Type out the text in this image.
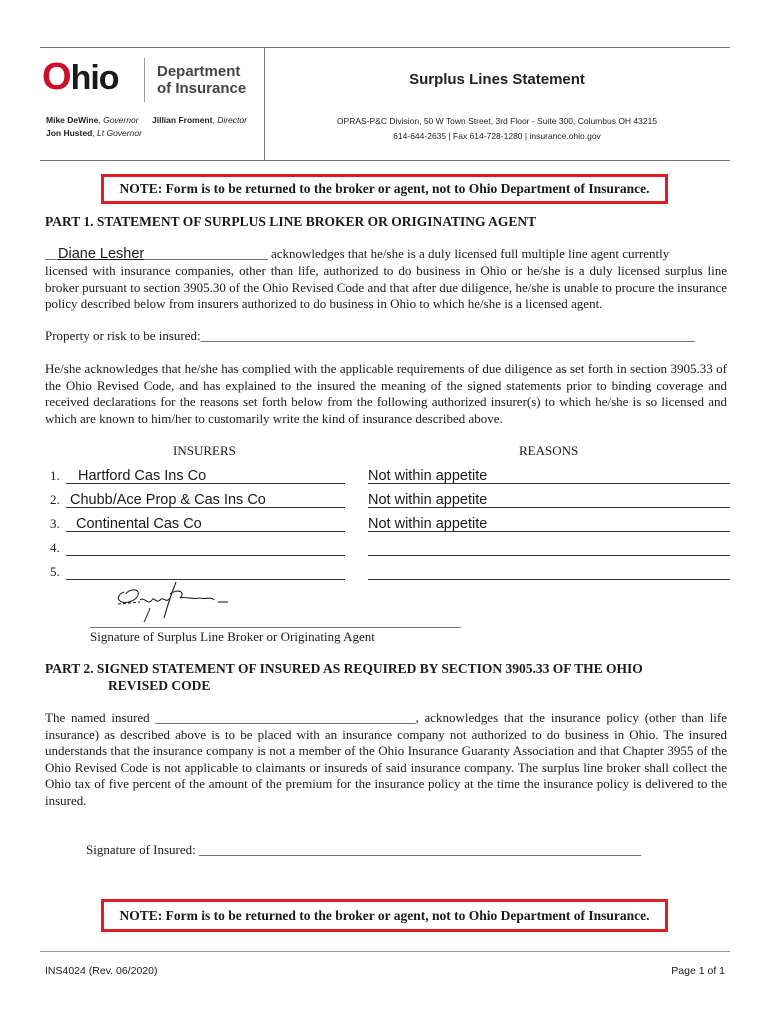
Ohio	Department
of Insurance
Mike DeWine, Governor
Jon Husted, Lt Governor
Jillian Froment, Director
Surplus Lines Statement
OPRAS-P&C Division, 50 W Town Street, 3rd Floor - Suite 300, Columbus OH 43215
614-644-2635 | Fax 614-728-1280 | insurance.ohio.gov
NOTE: Form is to be returned to the broker or agent, not to Ohio Department of Insurance.
PART 1. STATEMENT OF SURPLUS LINE BROKER OR ORIGINATING AGENT
__Diane Lesher___________________ acknowledges that he/she is a duly licensed full multiple line agent currently
licensed with insurance companies, other than life, authorized to do business in Ohio or he/she is a duly licensed surplus line broker pursuant to section 3905.30 of the Ohio Revised Code and that after due diligence, he/she is unable to procure the insurance policy described below from insurers authorized to do business in Ohio to which he/she is a licensed agent.
Property or risk to be insured:____________________________________________________________________________
He/she acknowledges that he/she has complied with the applicable requirements of due diligence as set forth in section 3905.33 of the Ohio Revised Code, and has explained to the insured the meaning of the signed statements prior to binding coverage and received declarations for the reasons set forth below from the following authorized insurer(s) to which he/she is so licensed and which are known to him/her to customarily write the kind of insurance described above.
INSURERS	REASONS
1.	Hartford Cas Ins Co	Not within appetite
2. Chubb/Ace Prop & Cas Ins Co	Not within appetite
3.	Continental Cas Co	Not within appetite
4.
5.
_________________________________________________________
Signature of Surplus Line Broker or Originating Agent
PART 2. SIGNED STATEMENT OF INSURED AS REQUIRED BY SECTION 3905.33 OF THE OHIO
REVISED CODE
The named insured ________________________________________, acknowledges that the insurance policy (other than life insurance) as described above is to be placed with an insurance company not authorized to do business in Ohio. The insured understands that the insurance company is not a member of the Ohio Insurance Guaranty Association and that Chapter 3955 of the Ohio Revised Code is not applicable to claimants or insureds of said insurance company. The surplus line broker shall collect the Ohio tax of five percent of the amount of the premium for the insurance policy at the time the insurance policy is delivered to the insured.
Signature of Insured: ____________________________________________________________________
NOTE: Form is to be returned to the broker or agent, not to Ohio Department of Insurance.
INS4024 (Rev. 06/2020)	Page 1 of 1
